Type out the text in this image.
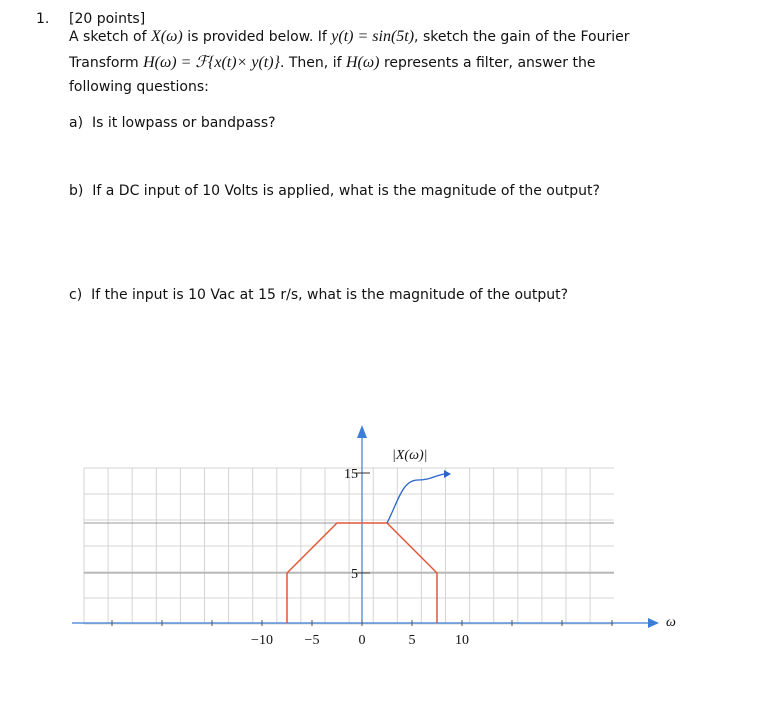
1. [20 points]
A sketch of X(ω) is provided below. If y(t) = sin(5t), sketch the gain of the Fourier
Transform H(ω) = ℱ{x(t)× y(t)}. Then, if H(ω) represents a filter, answer the
following questions:
a) Is it lowpass or bandpass?
b) If a DC input of 10 Volts is applied, what is the magnitude of the output?
c) If the input is 10 Vac at 15 r/s, what is the magnitude of the output?
−10 −5	0	5	10
5
15
ω
|X(ω)|
